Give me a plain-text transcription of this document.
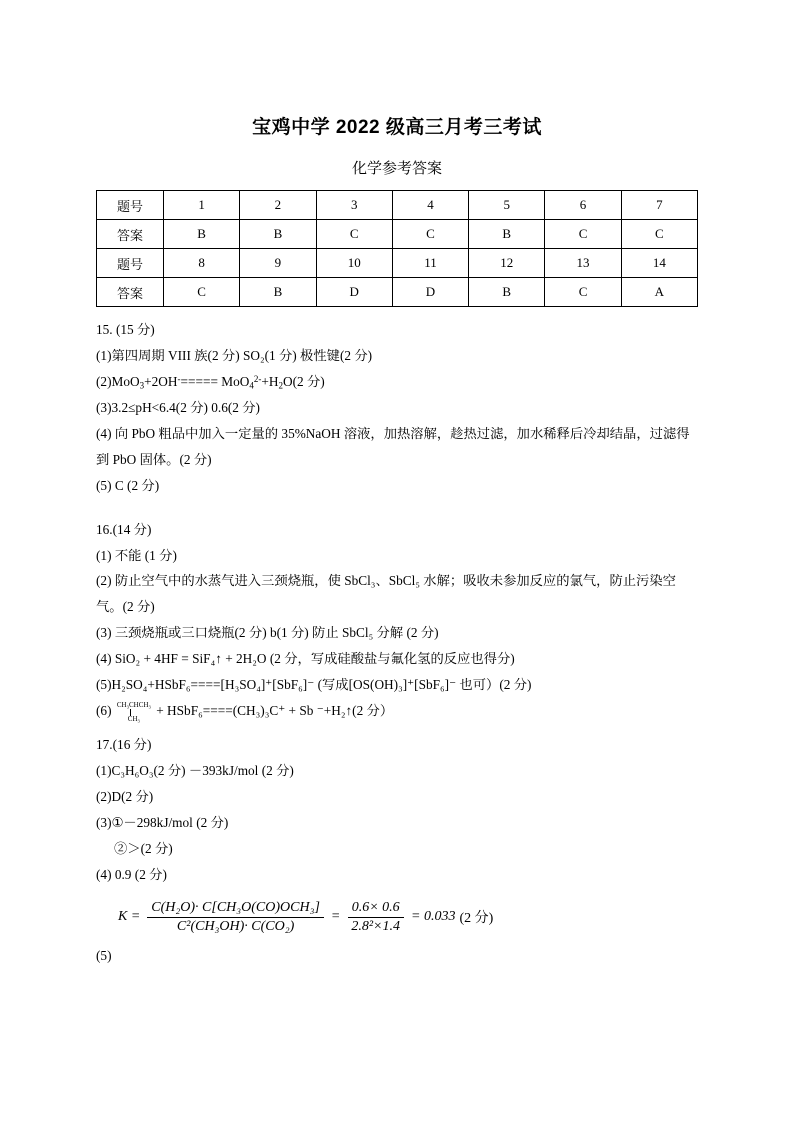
宝鸡中学 2022 级高三月考三考试
化学参考答案
题号	1	2	3	4	5	6	7
答案	B	B	C	C	B	C	C
题号	8	9	10	11	12	13	14
答案	C	B	D	D	B	C	A

15. (15 分)

(1)第四周期 VIII 族(2 分) SO₂(1 分) 极性键(2 分)

$(2)MoO_3+2OH^-===== MoO_4^{2-}+H_2O(2$ 分)

(3)3.2≤pH<6.4(2 分) 0.6(2 分)

(4) 向 PbO 粗品中加入一定量的 35%NaOH 溶液，加热溶解，趁热过滤，加水稀释后冷却结晶，过滤得到 PbO 固体。(2 分)

(5) C (2 分)

16.(14 分)

(1) 不能 (1 分)

(2) 防止空气中的水蒸气进入三颈烧瓶，使 SbCl₃、SbCl₅ 水解；吸收未参加反应的氯气，防止污染空气。(2 分)

(3) 三颈烧瓶或三口烧瓶(2 分) b(1 分) 防止 SbCl₅ 分解 (2 分)

(4) SiO₂ + 4HF = SiF₄↑ + 2H₂O (2 分，写成硅酸盐与氟化氢的反应也得分)

(5)H₂SO₄+HSbF₆====[H₃SO₄]⁺[SbF₆]⁻ (写成[OS(OH)₃]⁺[SbF₆]⁻ 也可）(2 分)

(6) CH₃CHCH₃
CH₃
+ HSbF₆====(CH₃)₃C⁺ + Sb ⁻+H₂↑(2 分）

17.(16 分)

(1)C₃H₆O₃(2 分) －393kJ/mol (2 分)

(2)D(2 分)

(3)①－298kJ/mol (2 分)

②＞(2 分)

(4) 0.9 (2 分)

$K = \frac{\text{C(H₂O)· C[CH₃O(CO)OCH₃]}}{\text{C²(CH₃OH)· C(CO₂)}} = \frac{0.6\times 0.6}{\text{2.8²×1.4}} = 0.033$ (2 分)

(5)
